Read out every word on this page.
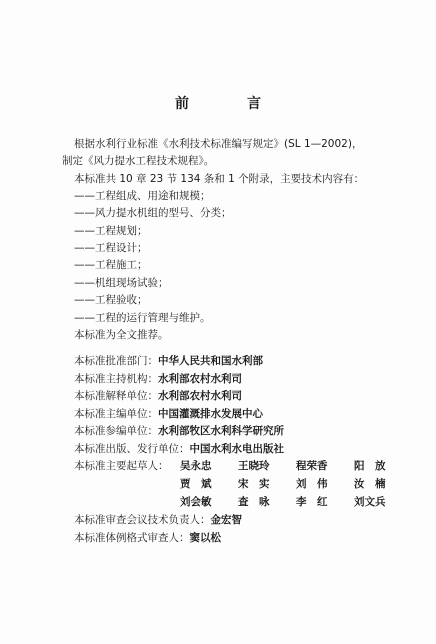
前　言
根据水利行业标准《水利技术标准编写规定》(SL 1—2002)，
制定《风力提水工程技术规程》。
本标准共 10 章 23 节 134 条和 1 个附录，主要技术内容有：
——工程组成、用途和规模；
——风力提水机组的型号、分类；
——工程规划；
——工程设计；
——工程施工；
——机组现场试验；
——工程验收；
——工程的运行管理与维护。
本标准为全文推荐。
本标准批准部门：中华人民共和国水利部
本标准主持机构：水利部农村水利司
本标准解释单位：水利部农村水利司
本标准主编单位：中国灌溉排水发展中心
本标准参编单位：水利部牧区水利科学研究所
本标准出版、发行单位：中国水利水电出版社
本标准主要起草人： 吴永忠	王晓玲	程荣香	阳　放
贾　斌	宋　实	刘　伟	汝　楠
刘会敏	查　咏	李　红	刘文兵
本标准审查会议技术负责人：金宏智
本标准体例格式审查人：窦以松
